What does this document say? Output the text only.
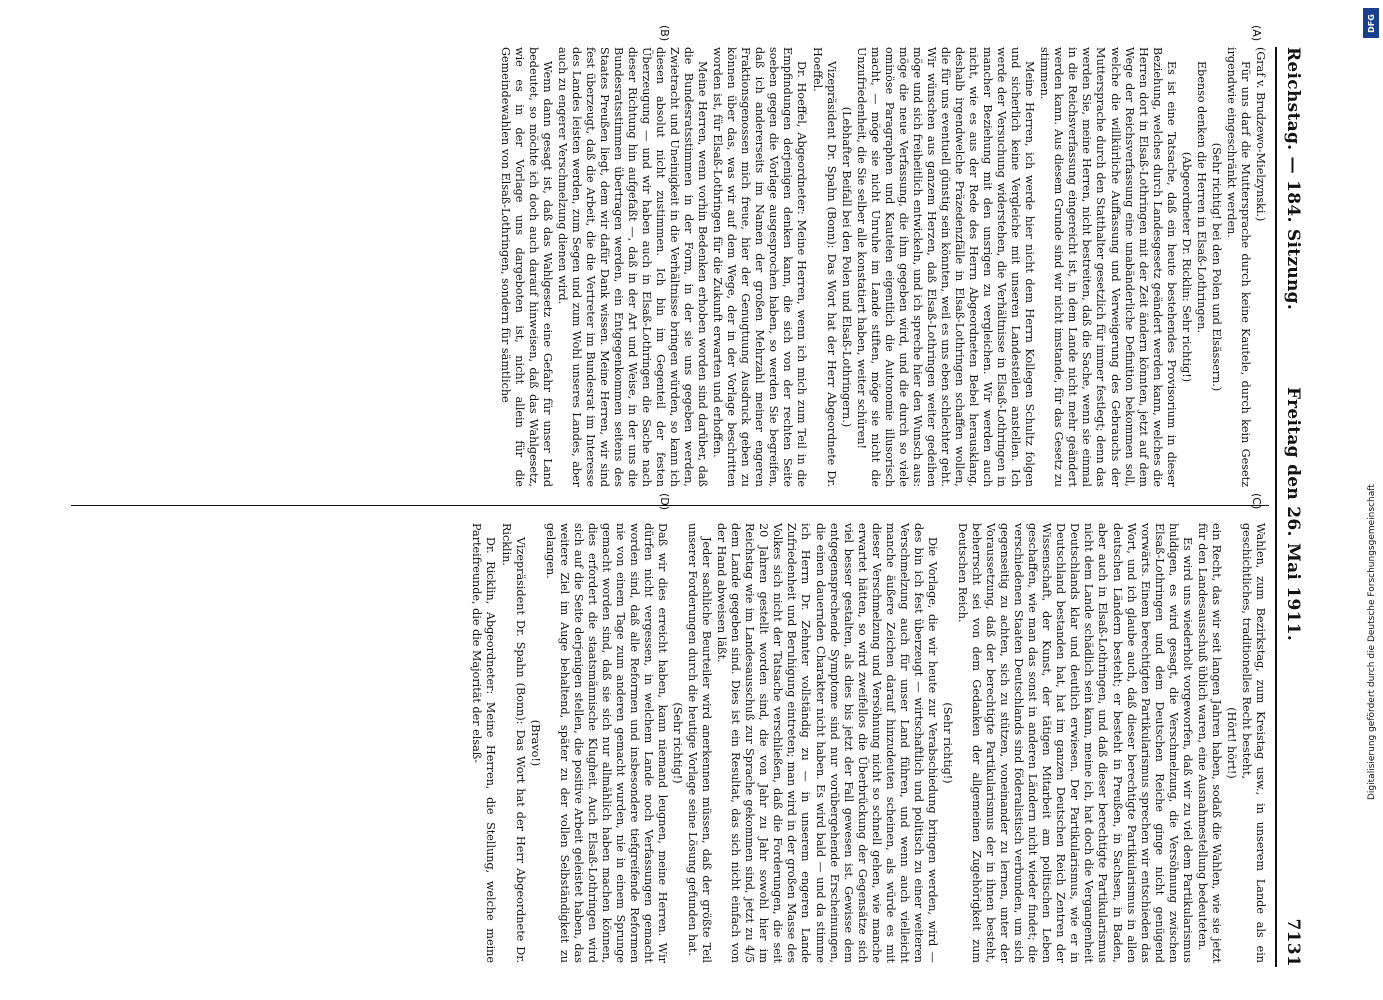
Reichstag. — 184. Sitzung.
Freitag den 26. Mai 1911.
7131
(A)
(B)
(C)
(D)

(Graf v. Brudzewo-Mielzynski.)

Für uns darf die Muttersprache durch keine Kautele, durch kein Gesetz irgendwie eingeschränkt werden.

(Sehr richtig! bei den Polen und Elsässern.)

Ebenso denken die Herren in Elsaß-Lothringen.

(Abgeordneter Dr. Ricklin: Sehr richtig!)

Es ist eine Tatsache, daß ein heute bestehendes Provisorium in dieser Beziehung, welches durch Landesgesetz geändert werden kann, welches die Herren dort in Elsaß-Lothringen mit der Zeit ändern könnten, jetzt auf dem Wege der Reichsverfassung eine unabänderliche Definition bekommen soll, welche die willkürliche Auffassung und Verweigerung des Gebrauchs der Muttersprache durch den Statthalter gesetzlich für immer festlegt; denn das werden Sie, meine Herren, nicht bestreiten, daß die Sache, wenn sie einmal in die Reichsverfassung eingereicht ist, in dem Lande nicht mehr geändert werden kann. Aus diesem Grunde sind wir nicht imstande, für das Gesetz zu stimmen.

Meine Herren, ich werde hier nicht dem Herrn Kollegen Schultz folgen und sicherlich keine Vergleiche mit unseren Landesteilen anstellen. Ich werde der Versuchung widerstehen, die Verhältnisse in Elsaß-Lothringen in mancher Beziehung mit den unsrigen zu vergleichen. Wir werden auch nicht, wie es aus der Rede des Herrn Abgeordneten Bebel herausklang, deshalb irgendwelche Präzedenzfälle in Elsaß-Lothringen schaffen wollen, die für uns eventuell günstig sein könnten, weil es uns eben schlechter geht. Wir wünschen aus ganzem Herzen, daß Elsaß-Lothringen weiter gedeihen möge und sich freiheitlich entwickeln, und ich spreche hier den Wunsch aus: möge die neue Verfassung, die ihm gegeben wird, und die durch so viele ominöse Paragraphen und Kautelen eigentlich die Autonomie illusorisch macht, — möge sie nicht Unruhe im Lande stiften, möge sie nicht die Unzufriedenheit, die Sie selber alle konstatiert haben, weiter schüren!

(Lebhafter Beifall bei den Polen und Elsaß-Lothringern.)

Vizepräsident Dr. Spahn (Bonn): Das Wort hat der Herr Abgeordnete Dr. Hoeffel.

Dr. Hoeffel, Abgeordneter: Meine Herren, wenn ich mich zum Teil in die Empfindungen derjenigen denken kann, die sich von der rechten Seite soeben gegen die Vorlage ausgesprochen haben, so werden Sie begreifen, daß ich andererseits im Namen der großen Mehrzahl meiner engeren Fraktionsgenossen mich freue, hier der Genugtuung Ausdruck geben zu können über das, was wir auf dem Wege, der in der Vorlage beschritten worden ist, für Elsaß-Lothringen für die Zukunft erwarten und erhoffen.

Meine Herren, wenn vorhin Bedenken erhoben worden sind darüber, daß die Bundesratsstimmen in der Form, in der sie uns gegeben werden, Zwietracht und Uneinigkeit in die Verhältnisse bringen würden, so kann ich diesen absolut nicht zustimmen. Ich bin im Gegenteil der festen Überzeugung — und wir haben auch in Elsaß-Lothringen die Sache nach dieser Richtung hin aufgefaßt —, daß in der Art und Weise, in der uns die Bundesratsstimmen übertragen werden, ein Entgegenkommen seitens des Staates Preußen liegt, dem wir dafür Dank wissen. Meine Herren, wir sind fest überzeugt, daß die Arbeit, die die Vertreter im Bundesrat im Interesse des Landes leisten werden, zum Segen und zum Wohl unseres Landes, aber auch zu engerer Verschmelzung dienen wird.

Wenn dann gesagt ist, daß das Wahlgesetz eine Gefahr für unser Land bedeutet, so möchte ich doch auch darauf hinweisen, daß das Wahlgesetz, wie es in der Vorlage uns dargeboten ist, nicht allein für die Gemeindewahlen von Elsaß-Lothringen, sondern für sämtliche

Wahlen, zum Bezirkstag, zum Kreistag usw., in unserem Lande als ein geschichtliches, traditionelles Recht besteht,

(Hört! hört!)

ein Recht, das wir seit langen Jahren haben, sodaß die Wahlen, wie sie jetzt für den Landesausschuß üblich waren, eine Ausnahmestellung bedeuteten.

Es wird uns wiederholt vorgeworfen, daß wir zu viel dem Partikularismus huldigen, es wird gesagt, die Verschmelzung, die Versöhnung zwischen Elsaß-Lothringen und dem Deutschen Reiche ginge nicht genügend vorwärts. Einem berechtigten Partikularismus sprechen wir entschieden das Wort, und ich glaube auch, daß dieser berechtigte Partikularismus in allen deutschen Ländern besteht; er besteht in Preußen, in Sachsen, in Baden, aber auch in Elsaß-Lothringen, und daß dieser berechtigte Partikularismus nicht dem Lande schädlich sein kann, meine ich, hat doch die Vergangenheit Deutschlands klar und deutlich erwiesen. Der Partikularismus, wie er in Deutschland bestanden hat, hat im ganzen Deutschen Reich Zentren der Wissenschaft, der Kunst, der tätigen Mitarbeit am politischen Leben geschaffen, wie man das sonst in anderen Ländern nicht wieder findet; die verschiedenen Staaten Deutschlands sind föderalistisch verbunden, um sich gegenseitig zu achten, sich zu stützen, voneinander zu lernen, unter der Voraussetzung, daß der berechtigte Partikularismus der in ihnen besteht, beherrscht sei von dem Gedanken der allgemeinen Zugehörigkeit zum Deutschen Reich.

(Sehr richtig!)

Die Vorlage, die wir heute zur Verabschiedung bringen werden, wird — des bin ich fest überzeugt — wirtschaftlich und politisch zu einer weiteren Verschmelzung auch für unser Land führen, und wenn auch vielleicht manche äußere Zeichen darauf hinzudeuten scheinen, als würde es mit dieser Verschmelzung und Versöhnung nicht so schnell gehen, wie manche erwartet hätten, so wird zweifellos die Überbrückung der Gegensätze sich viel besser gestalten, als dies bis jetzt der Fall gewesen ist. Gewisse dem entgegensprechende Symptome sind nur vorübergehende Erscheinungen, die einen dauernden Charakter nicht haben. Es wird bald — und da stimme ich Herrn Dr. Zehnter vollständig zu — in unserem engeren Lande Zufriedenheit und Beruhigung eintreten; man wird in der großen Masse des Volkes sich nicht der Tatsache verschließen, daß die Forderungen, die seit 20 Jahren gestellt worden sind, die von Jahr zu Jahr sowohl hier im Reichstag wie im Landesausschuß zur Sprache gekommen sind, jetzt zu 4/5 dem Lande gegeben sind. Dies ist ein Resultat, das sich nicht einfach von der Hand abweisen läßt.

Jeder sachliche Beurteiler wird anerkennen müssen, daß der größte Teil unserer Forderungen durch die heutige Vorlage seine Lösung gefunden hat.

(Sehr richtig!)

Daß wir dies erreicht haben, kann niemand leugnen, meine Herren. Wir dürfen nicht vergessen, in welchem Lande noch Verfassungen gemacht worden sind, daß alle Reformen und insbesondere tiefgreifende Reformen nie von einem Tage zum anderen gemacht wurden, nie in einem Sprunge gemacht worden sind, daß sie sich nur allmählich haben machen können, dies erfordert die staatsmännische Klugheit. Auch Elsaß-Lothringen wird sich auf die Seite derjenigen stellen, die positive Arbeit geleistet haben, das weitere Ziel im Auge behaltend, später zu der vollen Selbständigkeit zu gelangen.

(Bravo!)

Vizepräsident Dr. Spahn (Bonn): Das Wort hat der Herr Abgeordnete Dr. Ricklin.

Dr. Ricklin, Abgeordneter: Meine Herren, die Stellung, welche meine Parteifreunde, die die Majorität der elsaß-	Digitalisierung gefördert durch die Deutsche Forschungsgemeinschaft
DFG
